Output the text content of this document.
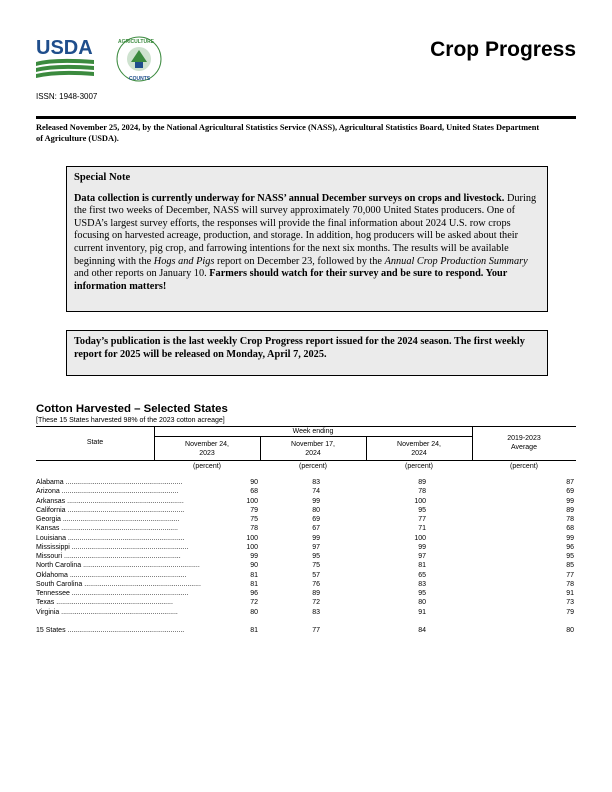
USDA	AGRICULTURE
COUNTS
Crop Progress
ISSN: 1948-3007
Released November 25, 2024, by the National Agricultural Statistics Service (NASS), Agricultural Statistics Board, United States Department of Agriculture (USDA).
Special Note
Data collection is currently underway for NASS’ annual December surveys on crops and livestock. During the first two weeks of December, NASS will survey approximately 70,000 United States producers. One of USDA’s largest survey efforts, the responses will provide the final information about 2024 U.S. row crops focusing on harvested acreage, production, and storage. In addition, hog producers will be asked about their current inventory, pig crop, and farrowing intentions for the next six months. The results will be available beginning with the Hogs and Pigs report on December 23, followed by the Annual Crop Production Summary and other reports on January 10. Farmers should watch for their survey and be sure to respond. Your information matters!
Today’s publication is the last weekly Crop Progress report issued for the 2024 season. The first weekly report for 2025 will be released on Monday, April 7, 2025.
Cotton Harvested – Selected States
[These 15 States harvested 98% of the 2023 cotton acreage]
State
Week ending
November 24, 2023
November 17, 2024
November 24, 2024
2019-2023 Average
(percent)	(percent)	(percent)	(percent)
Alabama ............................................................	90	83	89	87
Arizona ............................................................	68	74	78	69
Arkansas ............................................................	100	99	100	99
California ............................................................	79	80	95	89
Georgia ............................................................	75	69	77	78
Kansas ............................................................	78	67	71	68
Louisiana ............................................................	100	99	100	99
Mississippi ............................................................	100	97	99	96
Missouri ............................................................	99	95	97	95
North Carolina ............................................................	90	75	81	85
Oklahoma ............................................................	81	57	65	77
South Carolina ............................................................	81	76	83	78
Tennessee ............................................................	96	89	95	91
Texas ............................................................	72	72	80	73
Virginia ............................................................	80	83	91	79
15 States ............................................................	81	77	84	80
